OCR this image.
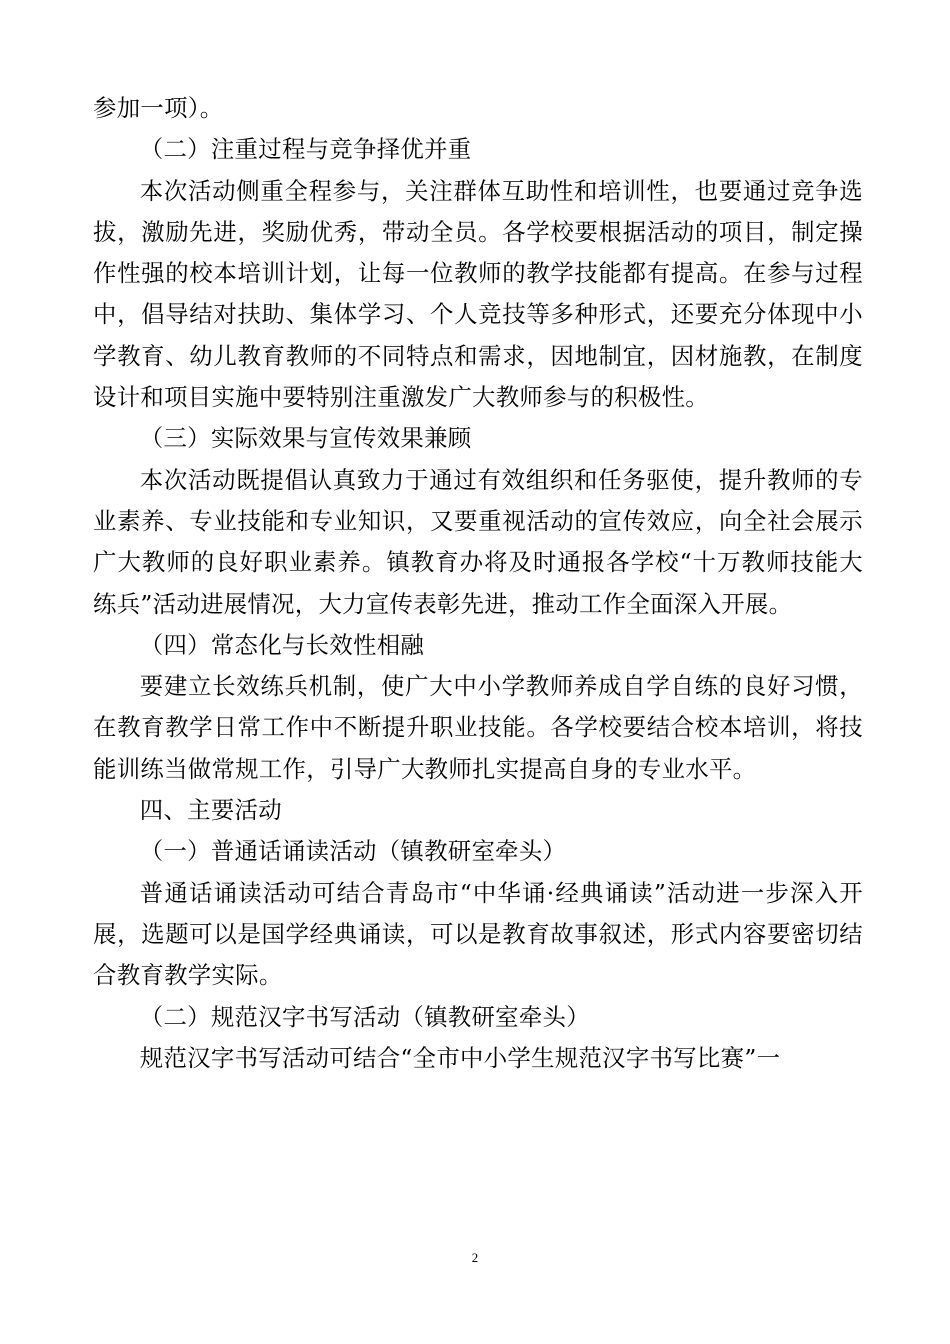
参加一项）。

（二）注重过程与竞争择优并重

本次活动侧重全程参与，关注群体互助性和培训性，也要通过竞争选拔，激励先进，奖励优秀，带动全员。各学校要根据活动的项目，制定操作性强的校本培训计划，让每一位教师的教学技能都有提高。在参与过程中，倡导结对扶助、集体学习、个人竞技等多种形式，还要充分体现中小学教育、幼儿教育教师的不同特点和需求，因地制宜，因材施教，在制度设计和项目实施中要特别注重激发广大教师参与的积极性。

（三）实际效果与宣传效果兼顾

本次活动既提倡认真致力于通过有效组织和任务驱使，提升教师的专业素养、专业技能和专业知识，又要重视活动的宣传效应，向全社会展示广大教师的良好职业素养。镇教育办将及时通报各学校“十万教师技能大练兵”活动进展情况，大力宣传表彰先进，推动工作全面深入开展。

（四）常态化与长效性相融

要建立长效练兵机制，使广大中小学教师养成自学自练的良好习惯，在教育教学日常工作中不断提升职业技能。各学校要结合校本培训，将技能训练当做常规工作，引导广大教师扎实提高自身的专业水平。

四、主要活动

（一）普通话诵读活动（镇教研室牵头）

普通话诵读活动可结合青岛市“中华诵·经典诵读”活动进一步深入开展，选题可以是国学经典诵读，可以是教育故事叙述，形式内容要密切结合教育教学实际。

（二）规范汉字书写活动（镇教研室牵头）

规范汉字书写活动可结合“全市中小学生规范汉字书写比赛”一

2
